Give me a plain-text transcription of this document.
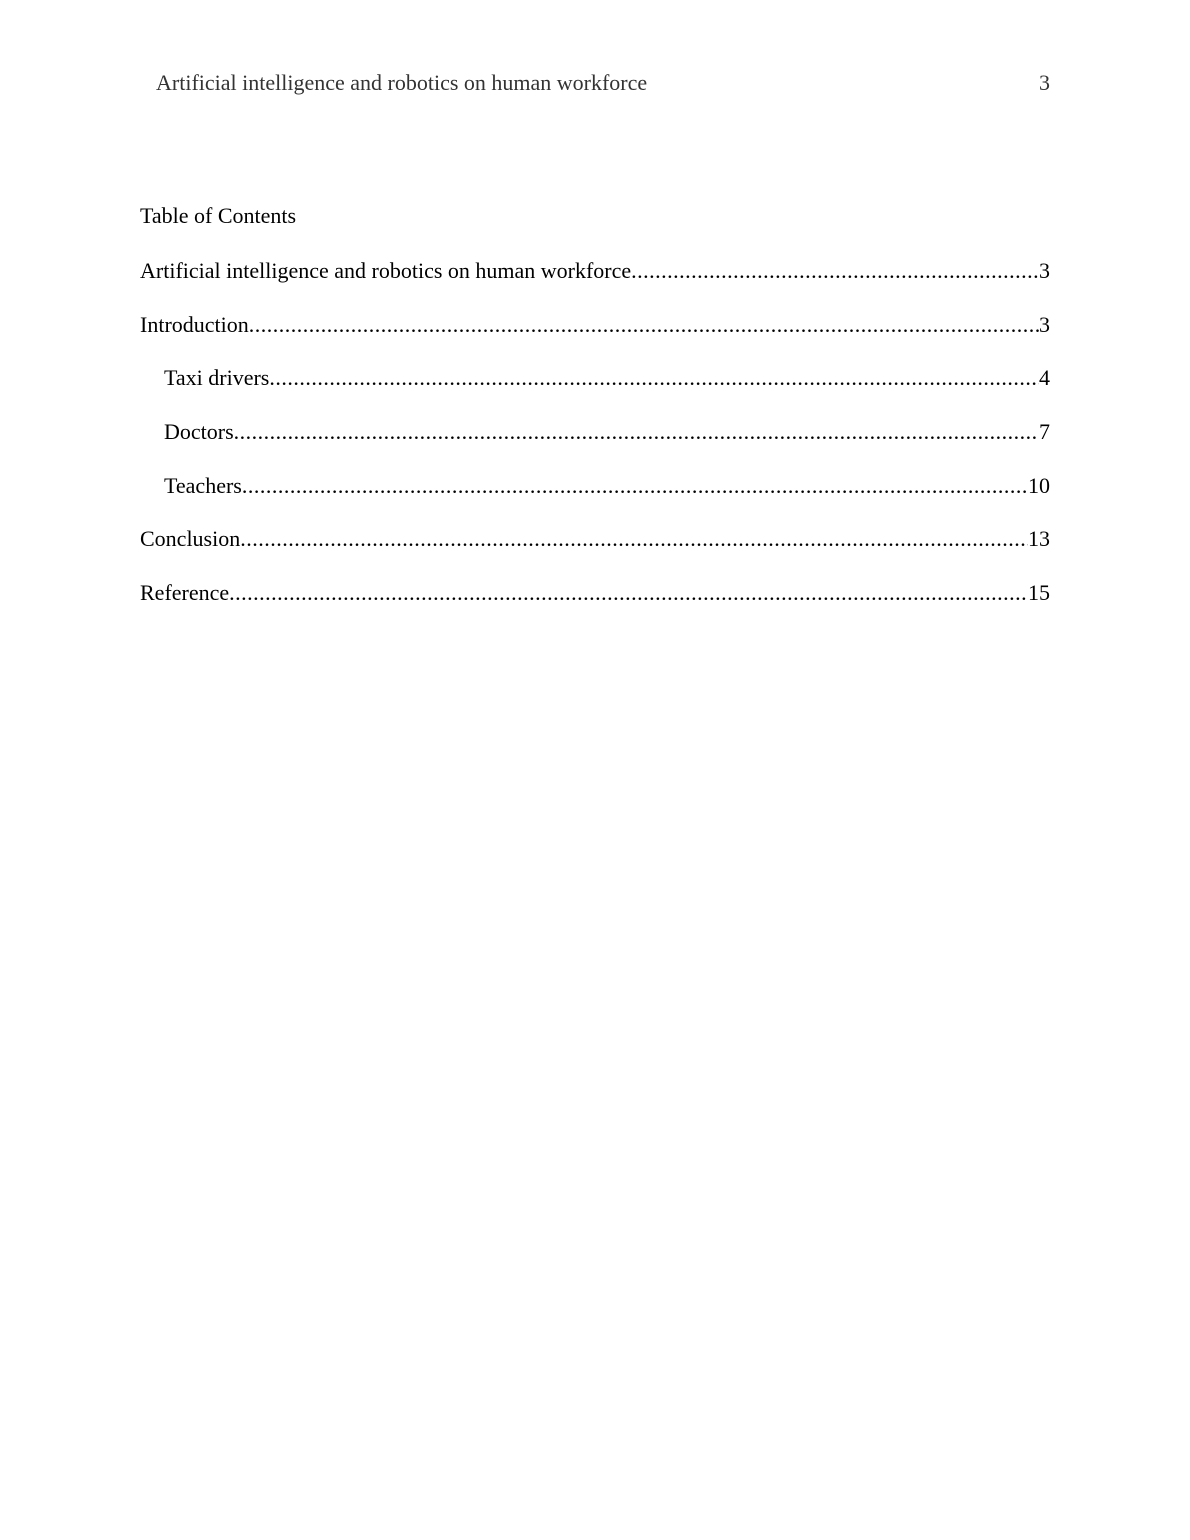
Artificial intelligence and robotics on human workforce	3
Table of Contents
Artificial intelligence and robotics on human workforce .....	3
Introduction .....	3
Taxi drivers .....	4
Doctors .....	7
Teachers .....	10
Conclusion .....	13
Reference .....	15
